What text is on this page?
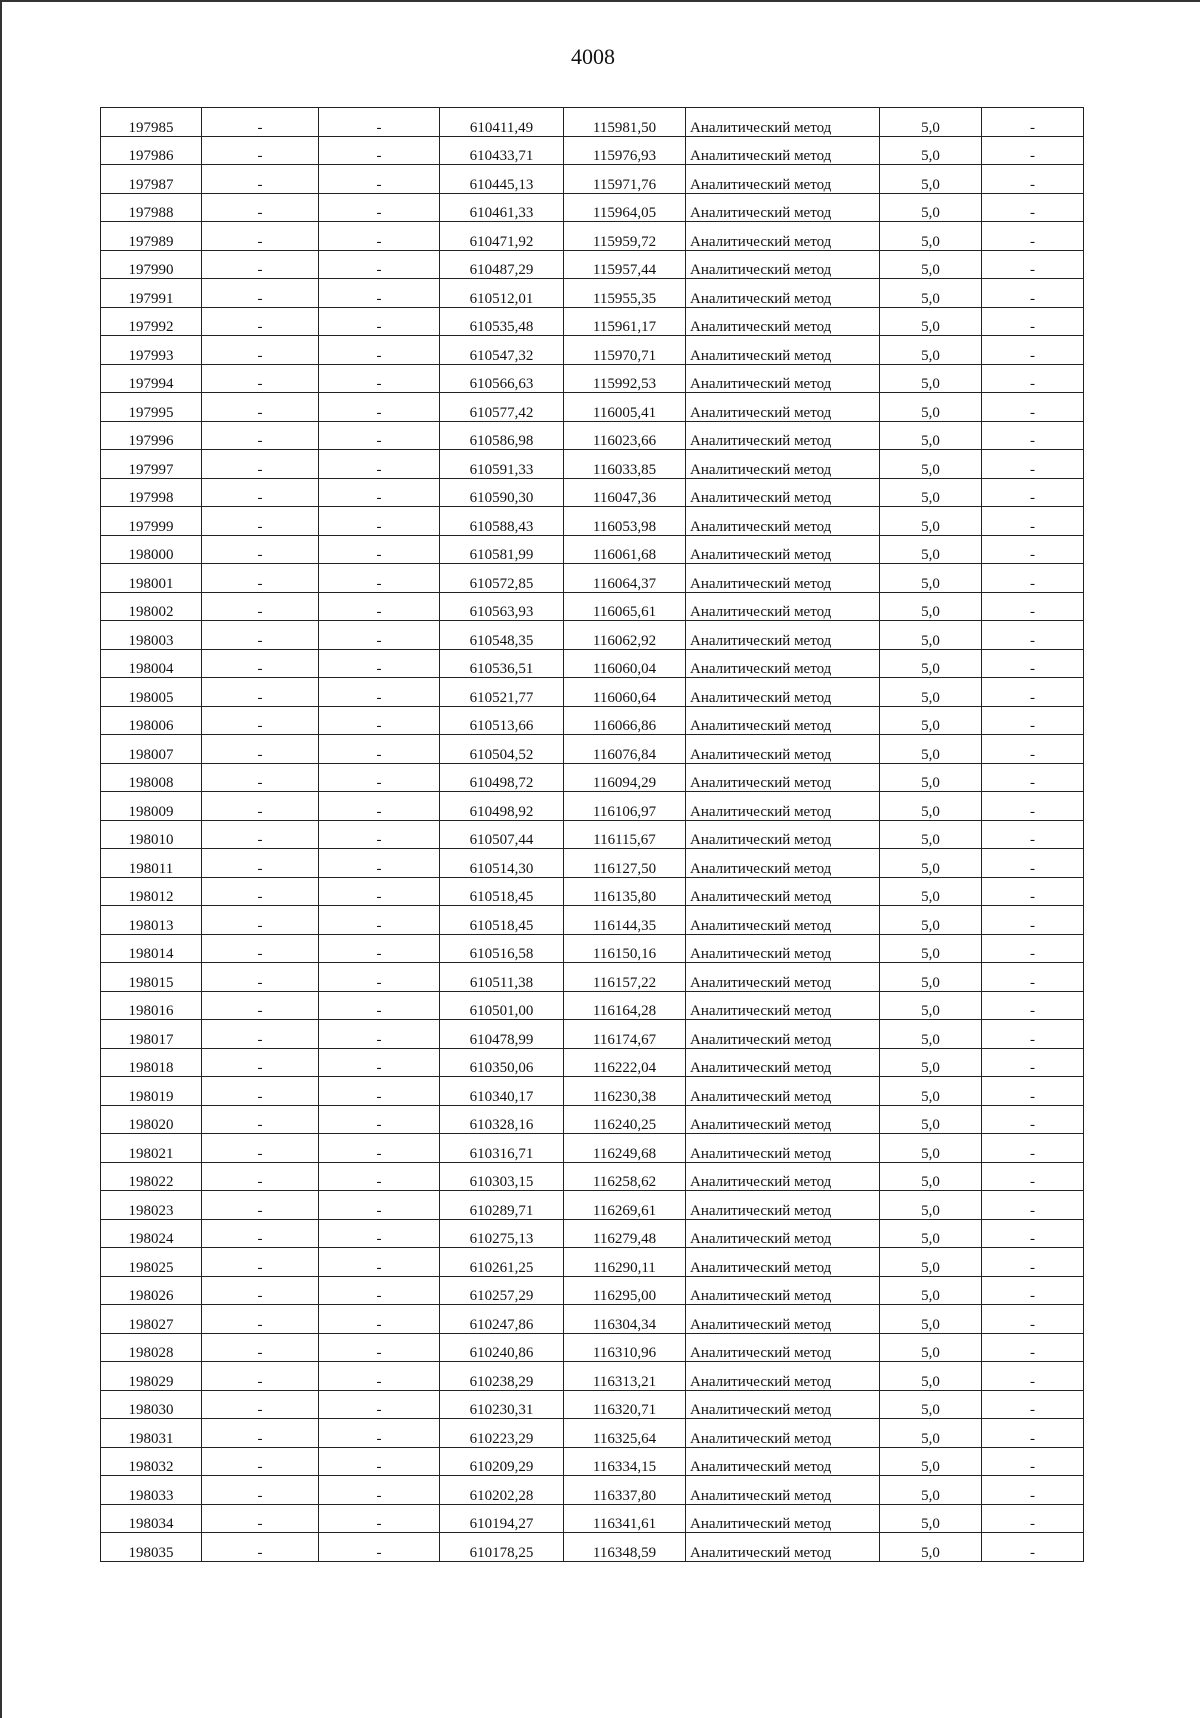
4008
197985	-	-	610411,49	115981,50	Аналитический метод	5,0	-
197986	-	-	610433,71	115976,93	Аналитический метод	5,0	-
197987	-	-	610445,13	115971,76	Аналитический метод	5,0	-
197988	-	-	610461,33	115964,05	Аналитический метод	5,0	-
197989	-	-	610471,92	115959,72	Аналитический метод	5,0	-
197990	-	-	610487,29	115957,44	Аналитический метод	5,0	-
197991	-	-	610512,01	115955,35	Аналитический метод	5,0	-
197992	-	-	610535,48	115961,17	Аналитический метод	5,0	-
197993	-	-	610547,32	115970,71	Аналитический метод	5,0	-
197994	-	-	610566,63	115992,53	Аналитический метод	5,0	-
197995	-	-	610577,42	116005,41	Аналитический метод	5,0	-
197996	-	-	610586,98	116023,66	Аналитический метод	5,0	-
197997	-	-	610591,33	116033,85	Аналитический метод	5,0	-
197998	-	-	610590,30	116047,36	Аналитический метод	5,0	-
197999	-	-	610588,43	116053,98	Аналитический метод	5,0	-
198000	-	-	610581,99	116061,68	Аналитический метод	5,0	-
198001	-	-	610572,85	116064,37	Аналитический метод	5,0	-
198002	-	-	610563,93	116065,61	Аналитический метод	5,0	-
198003	-	-	610548,35	116062,92	Аналитический метод	5,0	-
198004	-	-	610536,51	116060,04	Аналитический метод	5,0	-
198005	-	-	610521,77	116060,64	Аналитический метод	5,0	-
198006	-	-	610513,66	116066,86	Аналитический метод	5,0	-
198007	-	-	610504,52	116076,84	Аналитический метод	5,0	-
198008	-	-	610498,72	116094,29	Аналитический метод	5,0	-
198009	-	-	610498,92	116106,97	Аналитический метод	5,0	-
198010	-	-	610507,44	116115,67	Аналитический метод	5,0	-
198011	-	-	610514,30	116127,50	Аналитический метод	5,0	-
198012	-	-	610518,45	116135,80	Аналитический метод	5,0	-
198013	-	-	610518,45	116144,35	Аналитический метод	5,0	-
198014	-	-	610516,58	116150,16	Аналитический метод	5,0	-
198015	-	-	610511,38	116157,22	Аналитический метод	5,0	-
198016	-	-	610501,00	116164,28	Аналитический метод	5,0	-
198017	-	-	610478,99	116174,67	Аналитический метод	5,0	-
198018	-	-	610350,06	116222,04	Аналитический метод	5,0	-
198019	-	-	610340,17	116230,38	Аналитический метод	5,0	-
198020	-	-	610328,16	116240,25	Аналитический метод	5,0	-
198021	-	-	610316,71	116249,68	Аналитический метод	5,0	-
198022	-	-	610303,15	116258,62	Аналитический метод	5,0	-
198023	-	-	610289,71	116269,61	Аналитический метод	5,0	-
198024	-	-	610275,13	116279,48	Аналитический метод	5,0	-
198025	-	-	610261,25	116290,11	Аналитический метод	5,0	-
198026	-	-	610257,29	116295,00	Аналитический метод	5,0	-
198027	-	-	610247,86	116304,34	Аналитический метод	5,0	-
198028	-	-	610240,86	116310,96	Аналитический метод	5,0	-
198029	-	-	610238,29	116313,21	Аналитический метод	5,0	-
198030	-	-	610230,31	116320,71	Аналитический метод	5,0	-
198031	-	-	610223,29	116325,64	Аналитический метод	5,0	-
198032	-	-	610209,29	116334,15	Аналитический метод	5,0	-
198033	-	-	610202,28	116337,80	Аналитический метод	5,0	-
198034	-	-	610194,27	116341,61	Аналитический метод	5,0	-
198035	-	-	610178,25	116348,59	Аналитический метод	5,0	-
